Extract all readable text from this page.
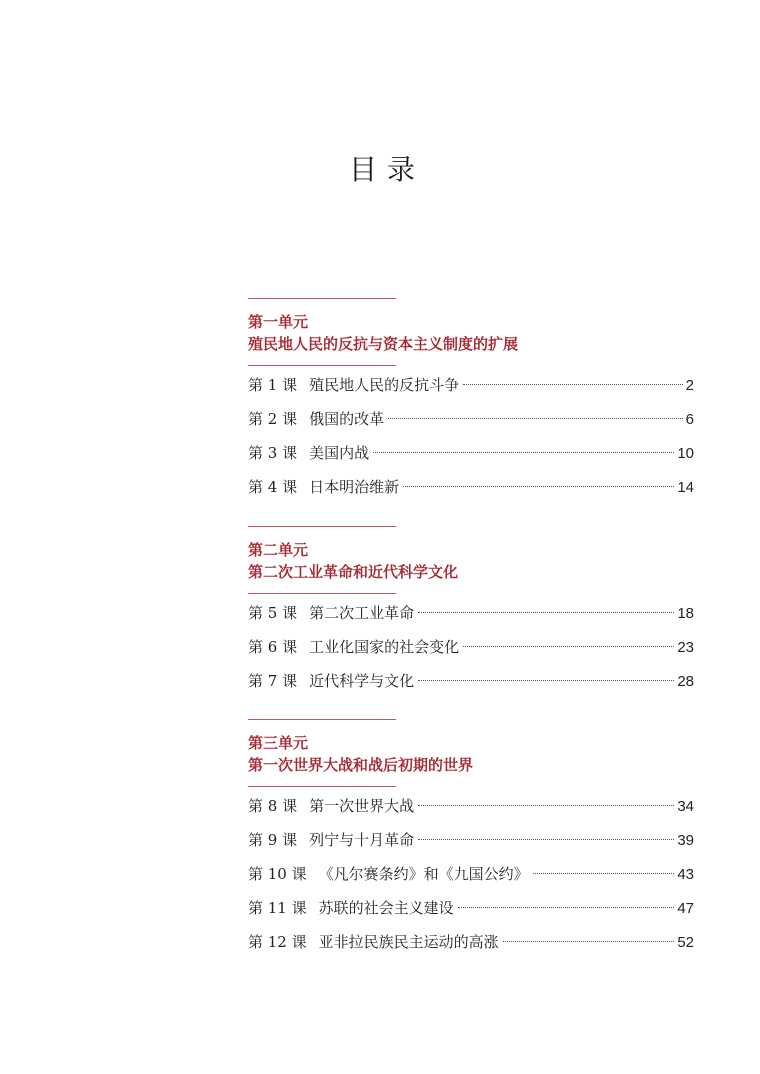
目录
第一单元
殖民地人民的反抗与资本主义制度的扩展
第 1 课 殖民地人民的反抗斗争	2
第 2 课 俄国的改革	6
第 3 课 美国内战	10
第 4 课 日本明治维新	14
第二单元
第二次工业革命和近代科学文化
第 5 课 第二次工业革命	18
第 6 课 工业化国家的社会变化	23
第 7 课 近代科学与文化	28
第三单元
第一次世界大战和战后初期的世界
第 8 课 第一次世界大战	34
第 9 课 列宁与十月革命	39
第 10 课 《凡尔赛条约》和《九国公约》	43
第 11 课 苏联的社会主义建设	47
第 12 课 亚非拉民族民主运动的高涨	52
